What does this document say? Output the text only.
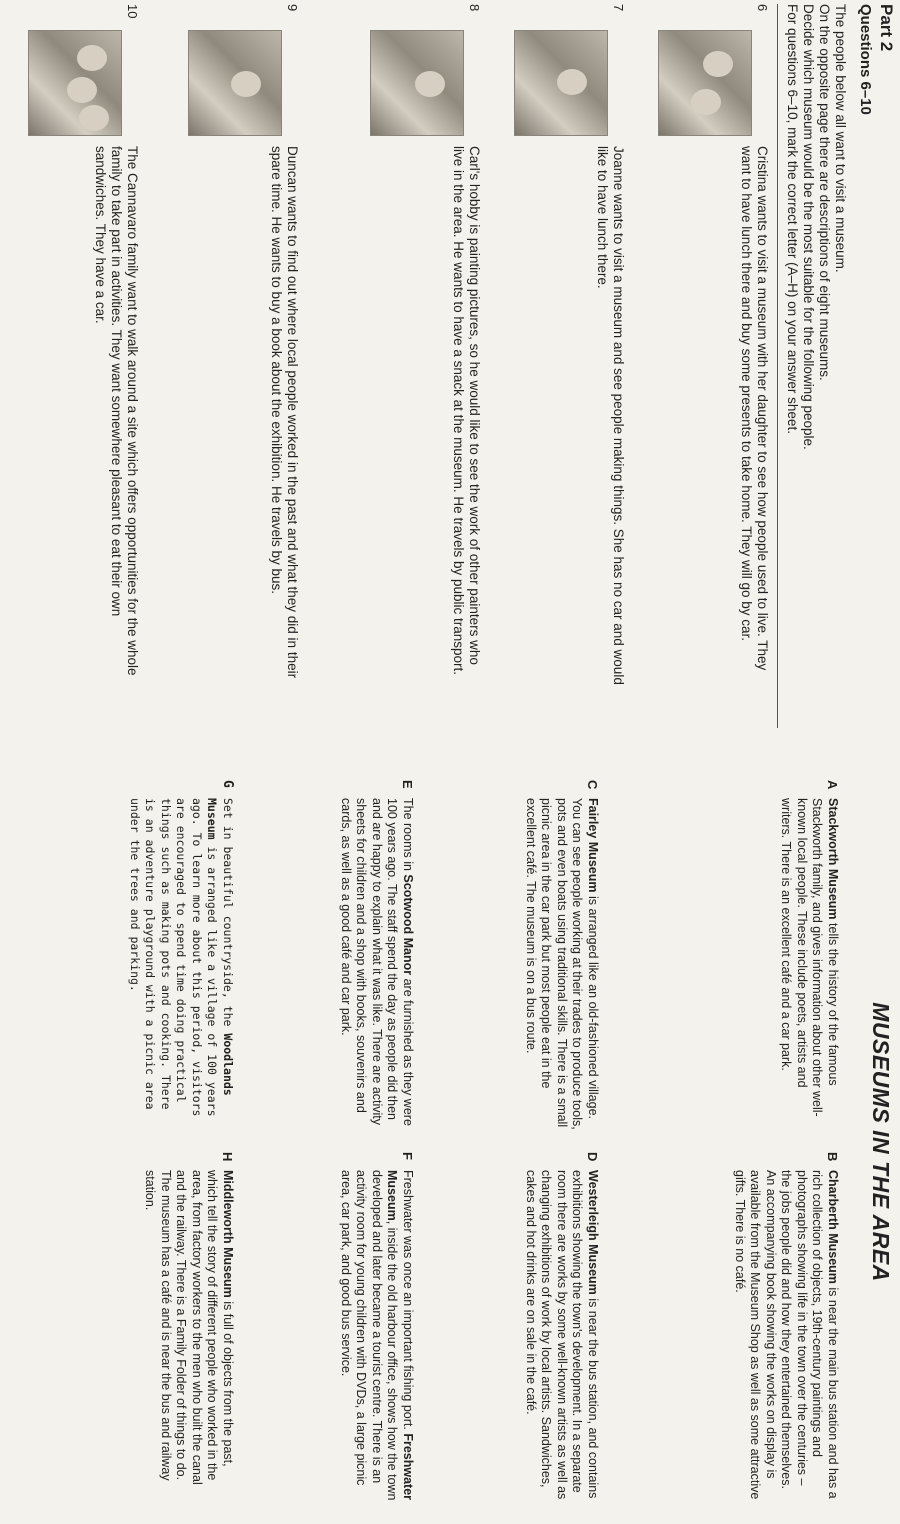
Part 2
Questions 6–10
The people below all want to visit a museum.
On the opposite page there are descriptions of eight museums.
Decide which museum would be the most suitable for the following people.
For questions 6–10, mark the correct letter (A–H) on your answer sheet.
6
Cristina wants to visit a museum with her daughter to see how people used to live. They want to have lunch there and buy some presents to take home. They will go by car.
7
Joanne wants to visit a museum and see people making things. She has no car and would like to have lunch there.
8
Carl's hobby is painting pictures, so he would like to see the work of other painters who live in the area. He wants to have a snack at the museum. He travels by public transport.
9
Duncan wants to find out where local people worked in the past and what they did in their spare time. He wants to buy a book about the exhibition. He travels by bus.
10
The Cannavaro family want to walk around a site which offers opportunities for the whole family to take part in activities. They want somewhere pleasant to eat their own sandwiches. They have a car.
MUSEUMS IN THE AREA
A
Stackworth Museum tells the history of the famous Stackworth family, and gives information about other well-known local people. These include poets, artists and writers. There is an excellent café and a car park.
B
Charberth Museum is near the main bus station and has a rich collection of objects, 19th-century paintings and photographs showing life in the town over the centuries – the jobs people did and how they entertained themselves. An accompanying book showing the works on display is available from the Museum Shop as well as some attractive gifts. There is no café.
C
Fairley Museum is arranged like an old-fashioned village. You can see people working at their trades to produce tools, pots and even boats using traditional skills. There is a small picnic area in the car park but most people eat in the excellent café. The museum is on a bus route.
D
Westerleigh Museum is near the bus station, and contains exhibitions showing the town's development. In a separate room there are works by some well-known artists as well as changing exhibitions of work by local artists. Sandwiches, cakes and hot drinks are on sale in the café.
E
The rooms in Scotwood Manor are furnished as they were 100 years ago. The staff spend the day as people did then and are happy to explain what it was like. There are activity sheets for children and a shop with books, souvenirs and cards, as well as a good café and car park.
F
Freshwater was once an important fishing port. Freshwater Museum, inside the old harbour office, shows how the town developed and later became a tourist centre. There is an activity room for young children with DVDs, a large picnic area, car park, and good bus service.
G
Set in beautiful countryside, the Woodlands Museum is arranged like a village of 100 years ago. To learn more about this period, visitors are encouraged to spend time doing practical things such as making pots and cooking. There is an adventure playground with a picnic area under the trees and parking.
H
Middleworth Museum is full of objects from the past, which tell the story of different people who worked in the area, from factory workers to the men who built the canal and the railway. There is a Family Folder of things to do. The museum has a café and is near the bus and railway station.
